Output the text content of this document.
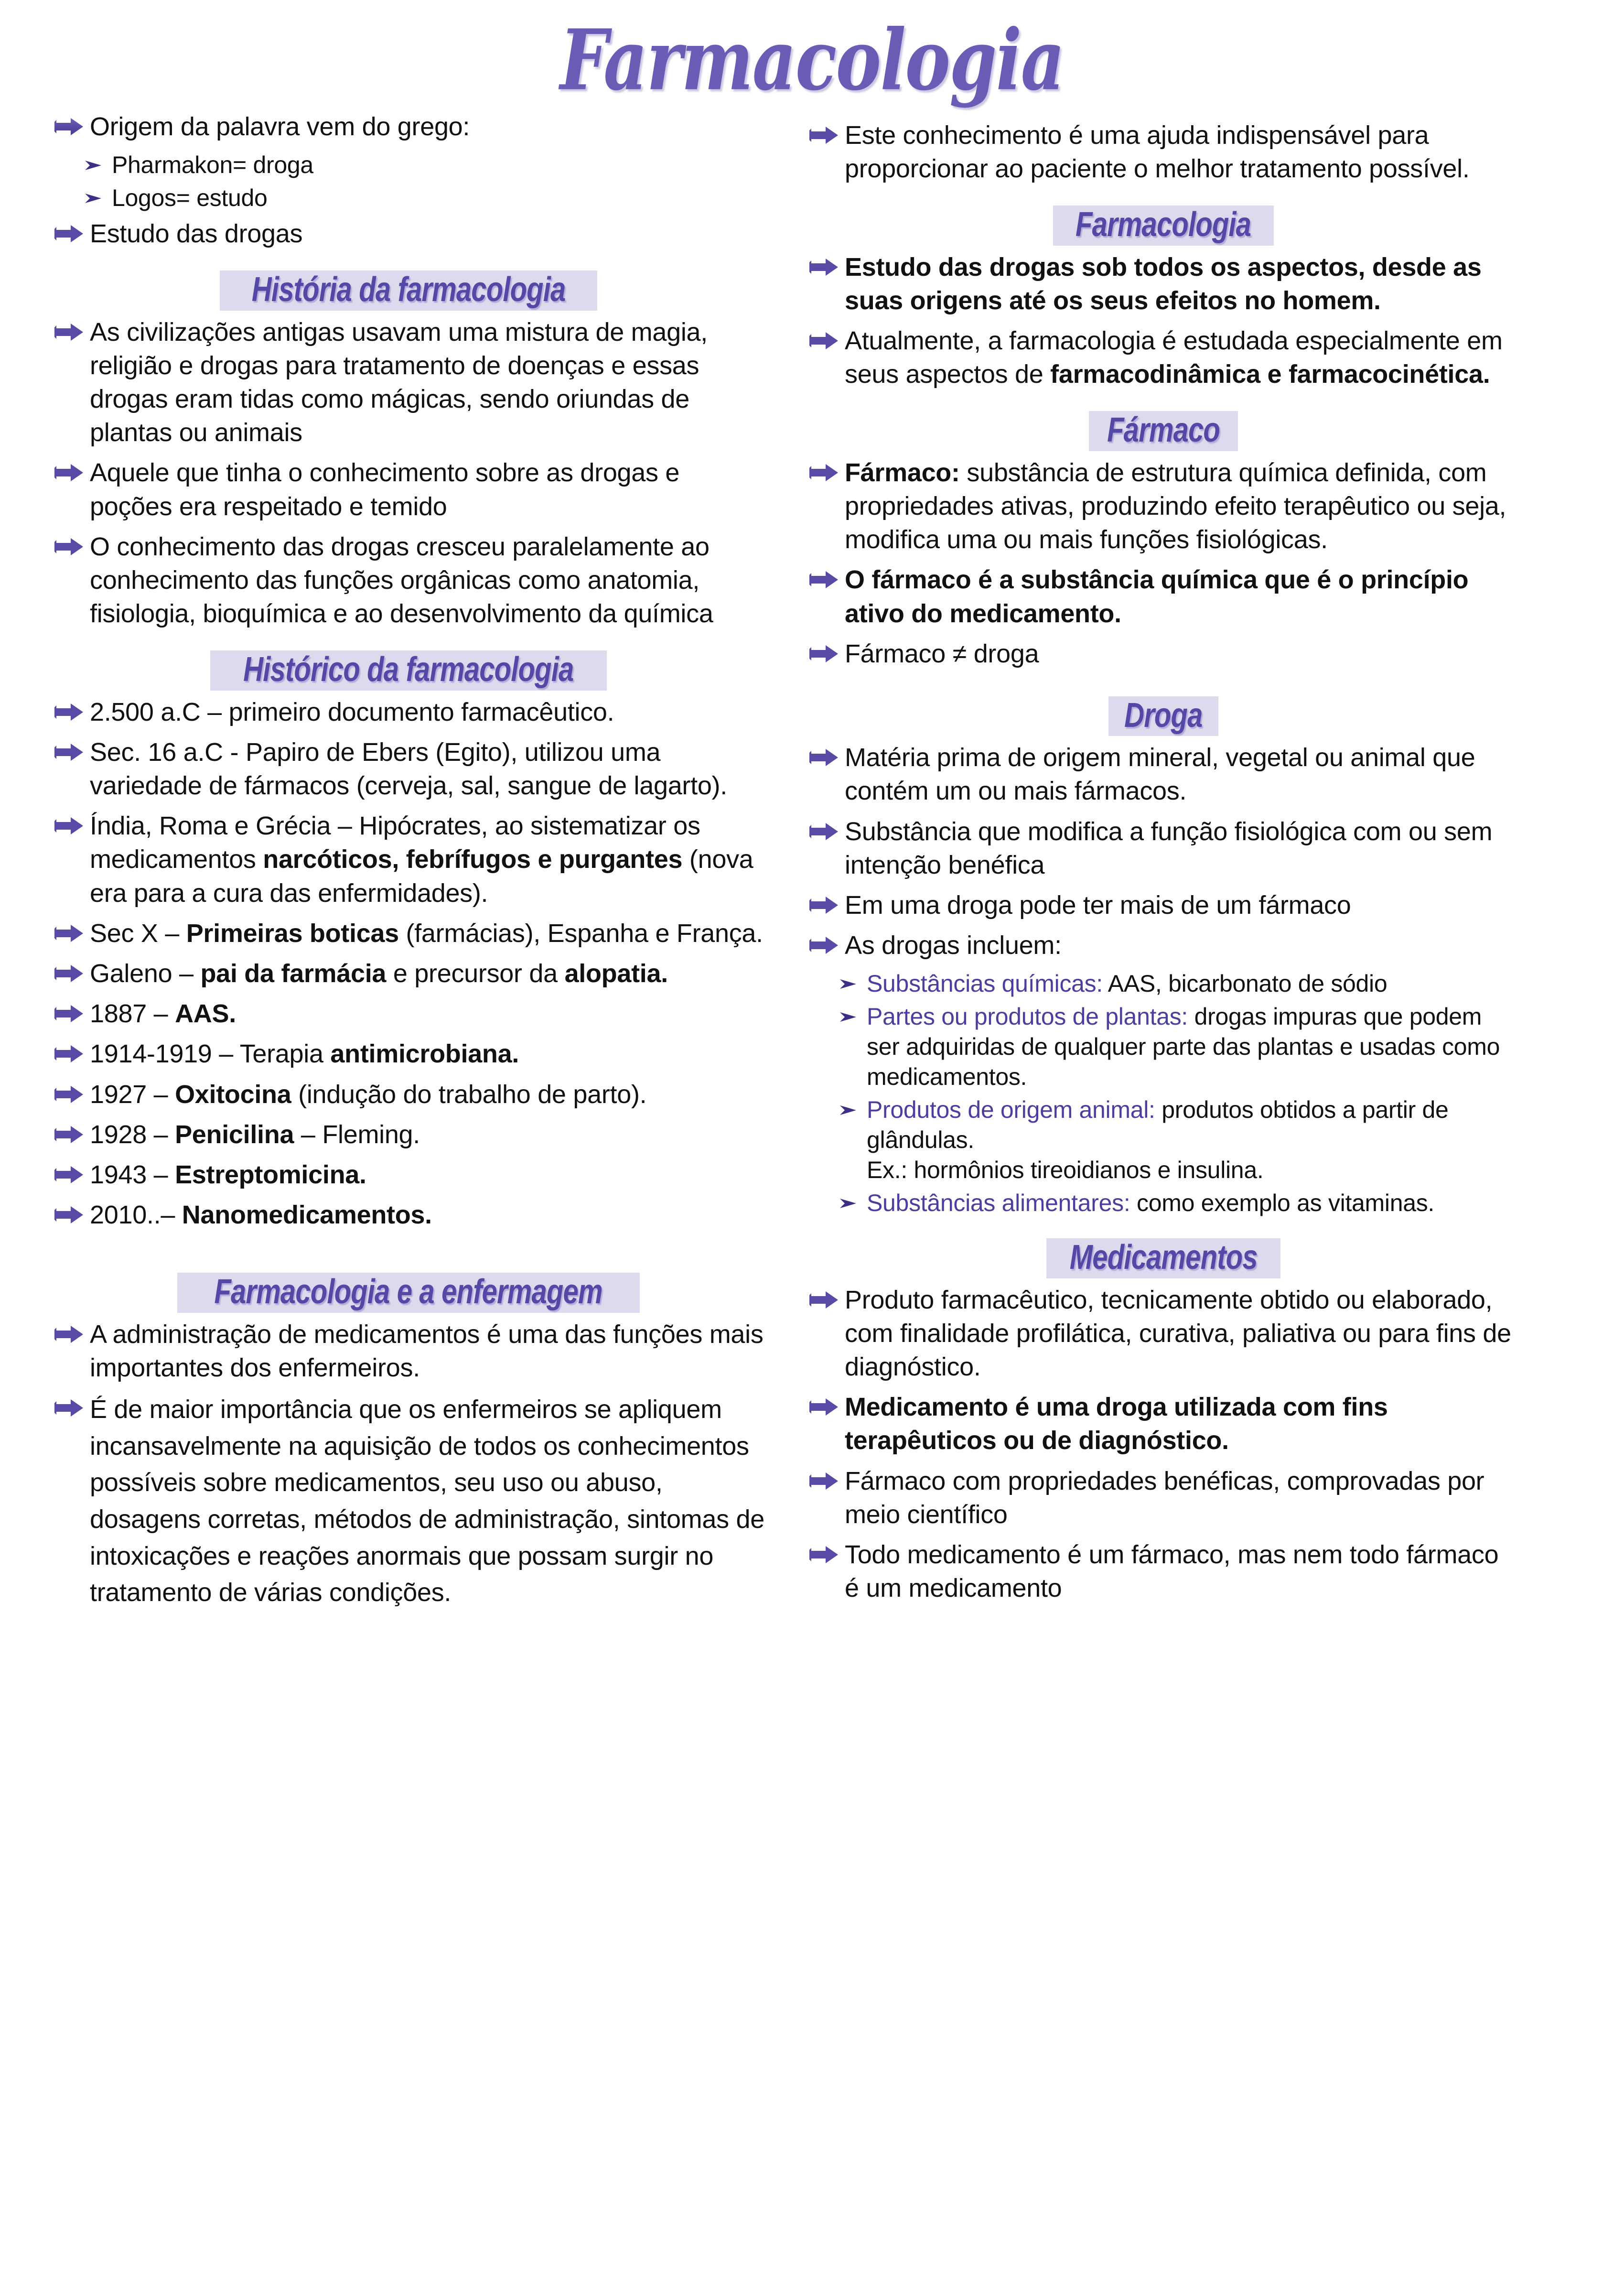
Farmacologia
Origem da palavra vem do grego:
Pharmakon= droga
Logos= estudo
Estudo das drogas
História da farmacologia
As civilizações antigas usavam uma mistura de magia, religião e drogas para tratamento de doenças e essas drogas eram tidas como mágicas, sendo oriundas de plantas ou animais
Aquele que tinha o conhecimento sobre as drogas e poções era respeitado e temido
O conhecimento das drogas cresceu paralelamente ao conhecimento das funções orgânicas como anatomia, fisiologia, bioquímica e ao desenvolvimento da química
Histórico da farmacologia
2.500 a.C – primeiro documento farmacêutico.
Sec. 16 a.C - Papiro de Ebers (Egito), utilizou uma variedade de fármacos (cerveja, sal, sangue de lagarto).
Índia, Roma e Grécia – Hipócrates, ao sistematizar os medicamentos narcóticos, febrífugos e purgantes (nova era para a cura das enfermidades).
Sec X – Primeiras boticas (farmácias), Espanha e França.
Galeno – pai da farmácia e precursor da alopatia.
1887 – AAS.
1914-1919 – Terapia antimicrobiana.
1927 – Oxitocina (indução do trabalho de parto).
1928 – Penicilina – Fleming.
1943 – Estreptomicina.
2010..– Nanomedicamentos.
Farmacologia e a enfermagem
A administração de medicamentos é uma das funções mais importantes dos enfermeiros.
É de maior importância que os enfermeiros se apliquem incansavelmente na aquisição de todos os conhecimentos possíveis sobre medicamentos, seu uso ou abuso, dosagens corretas, métodos de administração, sintomas de intoxicações e reações anormais que possam surgir no tratamento de várias condições.
Este conhecimento é uma ajuda indispensável para proporcionar ao paciente o melhor tratamento possível.
Farmacologia
Estudo das drogas sob todos os aspectos, desde as suas origens até os seus efeitos no homem.
Atualmente, a farmacologia é estudada especialmente em seus aspectos de farmacodinâmica e farmacocinética.
Fármaco
Fármaco: substância de estrutura química definida, com propriedades ativas, produzindo efeito terapêutico ou seja, modifica uma ou mais funções fisiológicas.
O fármaco é a substância química que é o princípio ativo do medicamento.
Fármaco ≠ droga
Droga
Matéria prima de origem mineral, vegetal ou animal que contém um ou mais fármacos.
Substância que modifica a função fisiológica com ou sem intenção benéfica
Em uma droga pode ter mais de um fármaco
As drogas incluem:
Substâncias químicas: AAS, bicarbonato de sódio
Partes ou produtos de plantas: drogas impuras que podem ser adquiridas de qualquer parte das plantas e usadas como medicamentos.
Produtos de origem animal: produtos obtidos a partir de glândulas.
Ex.: hormônios tireoidianos e insulina.
Substâncias alimentares: como exemplo as vitaminas.
Medicamentos
Produto farmacêutico, tecnicamente obtido ou elaborado, com finalidade profilática, curativa, paliativa ou para fins de diagnóstico.
Medicamento é uma droga utilizada com fins terapêuticos ou de diagnóstico.
Fármaco com propriedades benéficas, comprovadas por meio científico
Todo medicamento é um fármaco, mas nem todo fármaco é um medicamento
